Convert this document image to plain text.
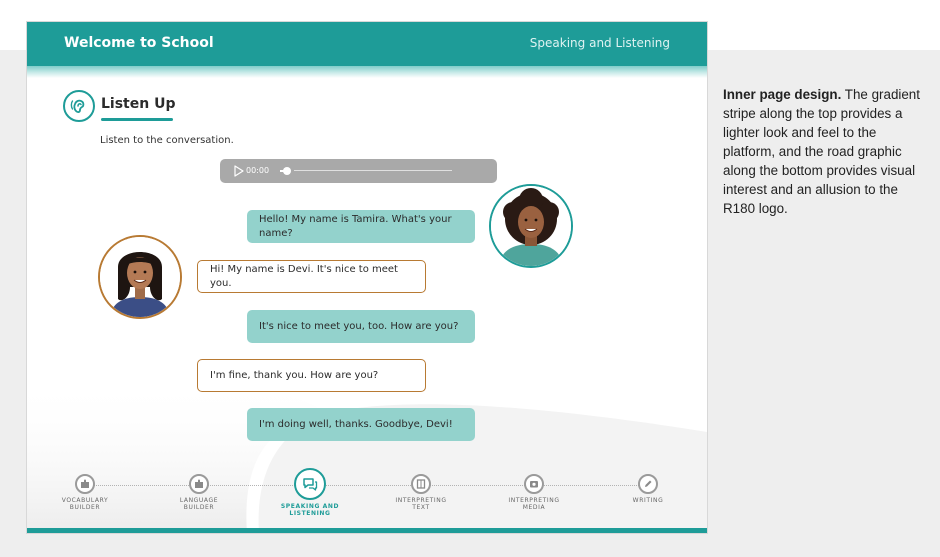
Welcome to School	Speaking and Listening
Listen Up
Listen to the conversation.
00:00
Hello! My name is Tamira. What's your name?
Hi! My name is Devi. It's nice to meet you.
It's nice to meet you, too. How are you?
I'm fine, thank you. How are you?
I'm doing well, thanks. Goodbye, Devi!
VOCABULARY
BUILDER
LANGUAGE
BUILDER	SPEAKING AND
LISTENING
INTERPRETING
TEXT
INTERPRETING
MEDIA
WRITING
Inner page design. The gradient stripe along the top provides a lighter look and feel to the platform, and the road graphic along the bottom provides visual interest and an allusion to the R180 logo.
